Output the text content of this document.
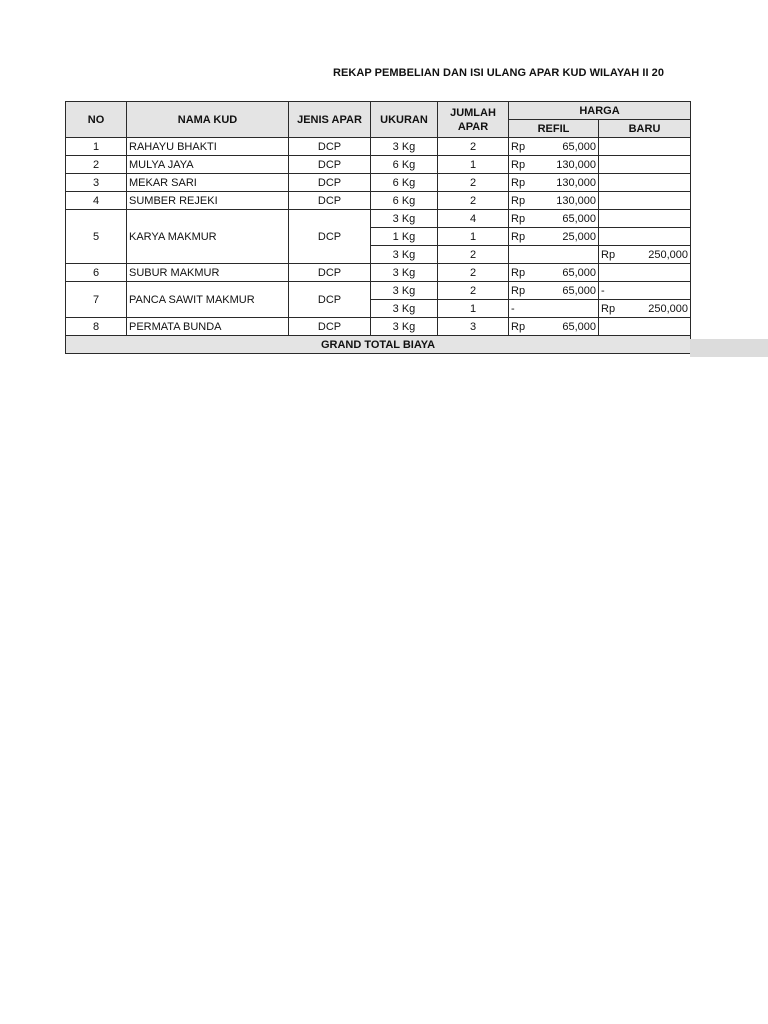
REKAP PEMBELIAN DAN ISI ULANG APAR KUD WILAYAH II 20
NO	NAMA KUD	JENIS APAR	UKURAN	JUMLAH APAR	HARGA	
					REFIL	BARU
1	RAHAYU BHAKTI	DCP	3 Kg	2	Rp 65,000	

2	MULYA JAYA	DCP	6 Kg	1	Rp 130,000	

3	MEKAR SARI	DCP	6 Kg	2	Rp 130,000	

4	SUMBER REJEKI	DCP	6 Kg	2	Rp 130,000	

5	KARYA MAKMUR	DCP	3 Kg	4	Rp 65,000	

			1 Kg	1	Rp 25,000	

			3 Kg	2		Rp 250,000

6	SUBUR MAKMUR	DCP	3 Kg	2	Rp 65,000	

7	PANCA SAWIT MAKMUR	DCP	3 Kg	2	Rp 65,000	-

			3 Kg	1	-	Rp 250,000

8	PERMATA BUNDA	DCP	3 Kg	3	Rp 65,000	

GRAND TOTAL BIAYA						
